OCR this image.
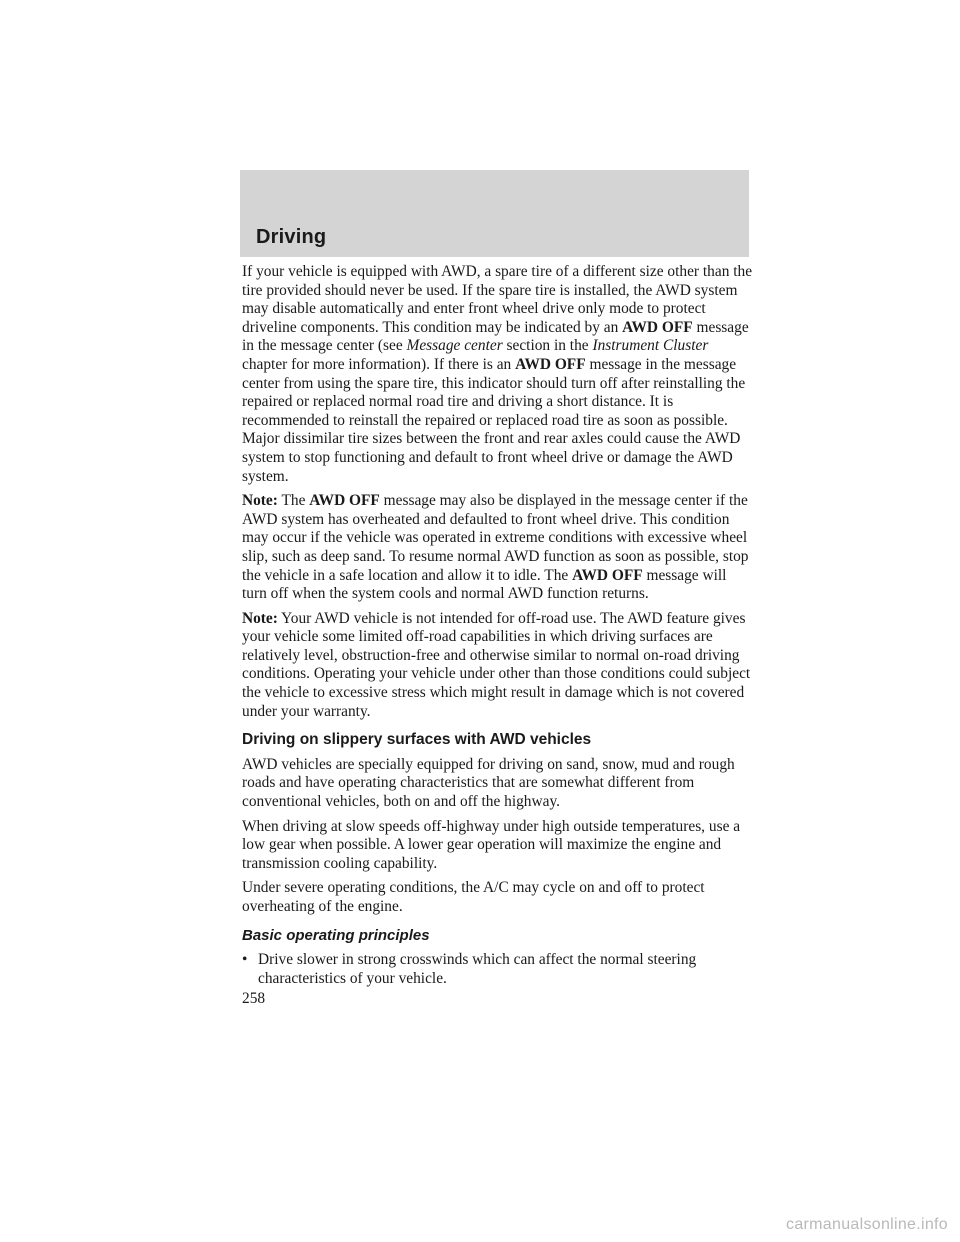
Driving

If your vehicle is equipped with AWD, a spare tire of a different size other than the tire provided should never be used. If the spare tire is installed, the AWD system may disable automatically and enter front wheel drive only mode to protect driveline components. This condition may be indicated by an AWD OFF message in the message center (see Message center section in the Instrument Cluster chapter for more information). If there is an AWD OFF message in the message center from using the spare tire, this indicator should turn off after reinstalling the repaired or replaced normal road tire and driving a short distance. It is recommended to reinstall the repaired or replaced road tire as soon as possible. Major dissimilar tire sizes between the front and rear axles could cause the AWD system to stop functioning and default to front wheel drive or damage the AWD system.

Note: The AWD OFF message may also be displayed in the message center if the AWD system has overheated and defaulted to front wheel drive. This condition may occur if the vehicle was operated in extreme conditions with excessive wheel slip, such as deep sand. To resume normal AWD function as soon as possible, stop the vehicle in a safe location and allow it to idle. The AWD OFF message will turn off when the system cools and normal AWD function returns.

Note: Your AWD vehicle is not intended for off-road use. The AWD feature gives your vehicle some limited off-road capabilities in which driving surfaces are relatively level, obstruction-free and otherwise similar to normal on-road driving conditions. Operating your vehicle under other than those conditions could subject the vehicle to excessive stress which might result in damage which is not covered under your warranty.

Driving on slippery surfaces with AWD vehicles

AWD vehicles are specially equipped for driving on sand, snow, mud and rough roads and have operating characteristics that are somewhat different from conventional vehicles, both on and off the highway.

When driving at slow speeds off-highway under high outside temperatures, use a low gear when possible. A lower gear operation will maximize the engine and transmission cooling capability.

Under severe operating conditions, the A/C may cycle on and off to protect overheating of the engine.

Basic operating principles
• Drive slower in strong crosswinds which can affect the normal steering characteristics of your vehicle.
258
carmanualsonline.info
